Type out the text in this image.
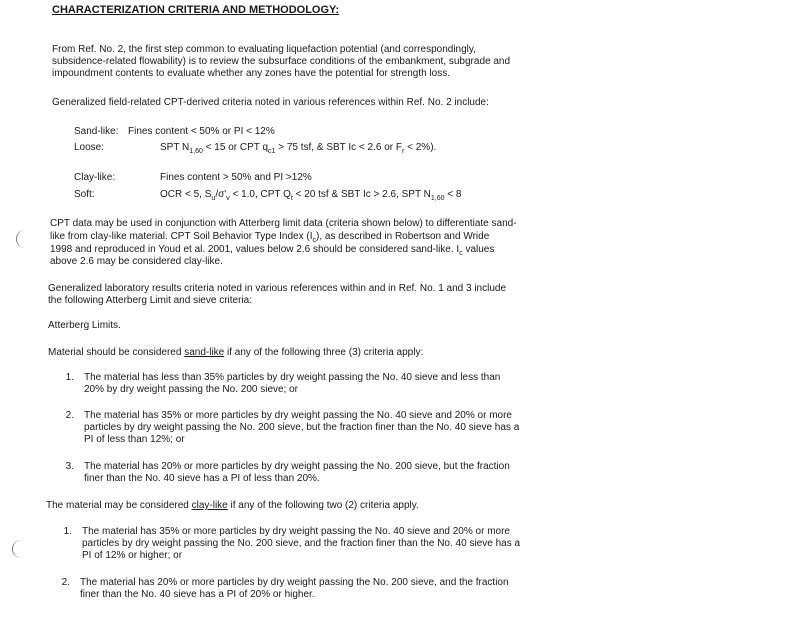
CHARACTERIZATION CRITERIA AND METHODOLOGY:
From Ref. No. 2, the first step common to evaluating liquefaction potential (and correspondingly,
subsidence-related flowability) is to review the subsurface conditions of the embankment, subgrade and
impoundment contents to evaluate whether any zones have the potential for strength loss.
Generalized field-related CPT-derived criteria noted in various references within Ref. No. 2 include:
Sand-like: Fines content < 50% or PI < 12%
Loose:	SPT $N_{1,60} < 15$ or CPT $q_{c1} > 75$ tsf, & SBT Ic < 2.6 or $F_r < 2\%$).
Clay-like:	Fines content > 50% and PI >12%
Soft:	OCR < 5, $S_u/\sigma'_v < 1.0$, CPT $Q_t < 20$ tsf & SBT Ic > 2.6, SPT $N_{1,60} < 8$
CPT data may be used in conjunction with Atterberg limit data (criteria shown below) to differentiate sand-
like from clay-like material. CPT Soil Behavior Type Index $(I_c)$, as described in Robertson and Wride
1998 and reproduced in Youd et al. 2001, values below 2.6 should be considered sand-like. $I_c$ values
above 2.6 may be considered clay-like.
Generalized laboratory results criteria noted in various references within and in Ref. No. 1 and 3 include
the following Atterberg Limit and sieve criteria:
Atterberg Limits.
Material should be considered sand-like if any of the following three (3) criteria apply:
1. The material has less than 35% particles by dry weight passing the No. 40 sieve and less than
20% by dry weight passing the No. 200 sieve; or
2. The material has 35% or more particles by dry weight passing the No. 40 sieve and 20% or more
particles by dry weight passing the No. 200 sieve, but the fraction finer than the No. 40 sieve has a
PI of less than 12%; or
3. The material has 20% or more particles by dry weight passing the No. 200 sieve, but the fraction
finer than the No. 40 sieve has a PI of less than 20%.
The material may be considered clay-like if any of the following two (2) criteria apply.
1. The material has 35% or more particles by dry weight passing the No. 40 sieve and 20% or more
particles by dry weight passing the No. 200 sieve, and the fraction finer than the No. 40 sieve has a
PI of 12% or higher; or
2. The material has 20% or more particles by dry weight passing the No. 200 sieve, and the fraction
finer than the No. 40 sieve has a PI of 20% or higher.
